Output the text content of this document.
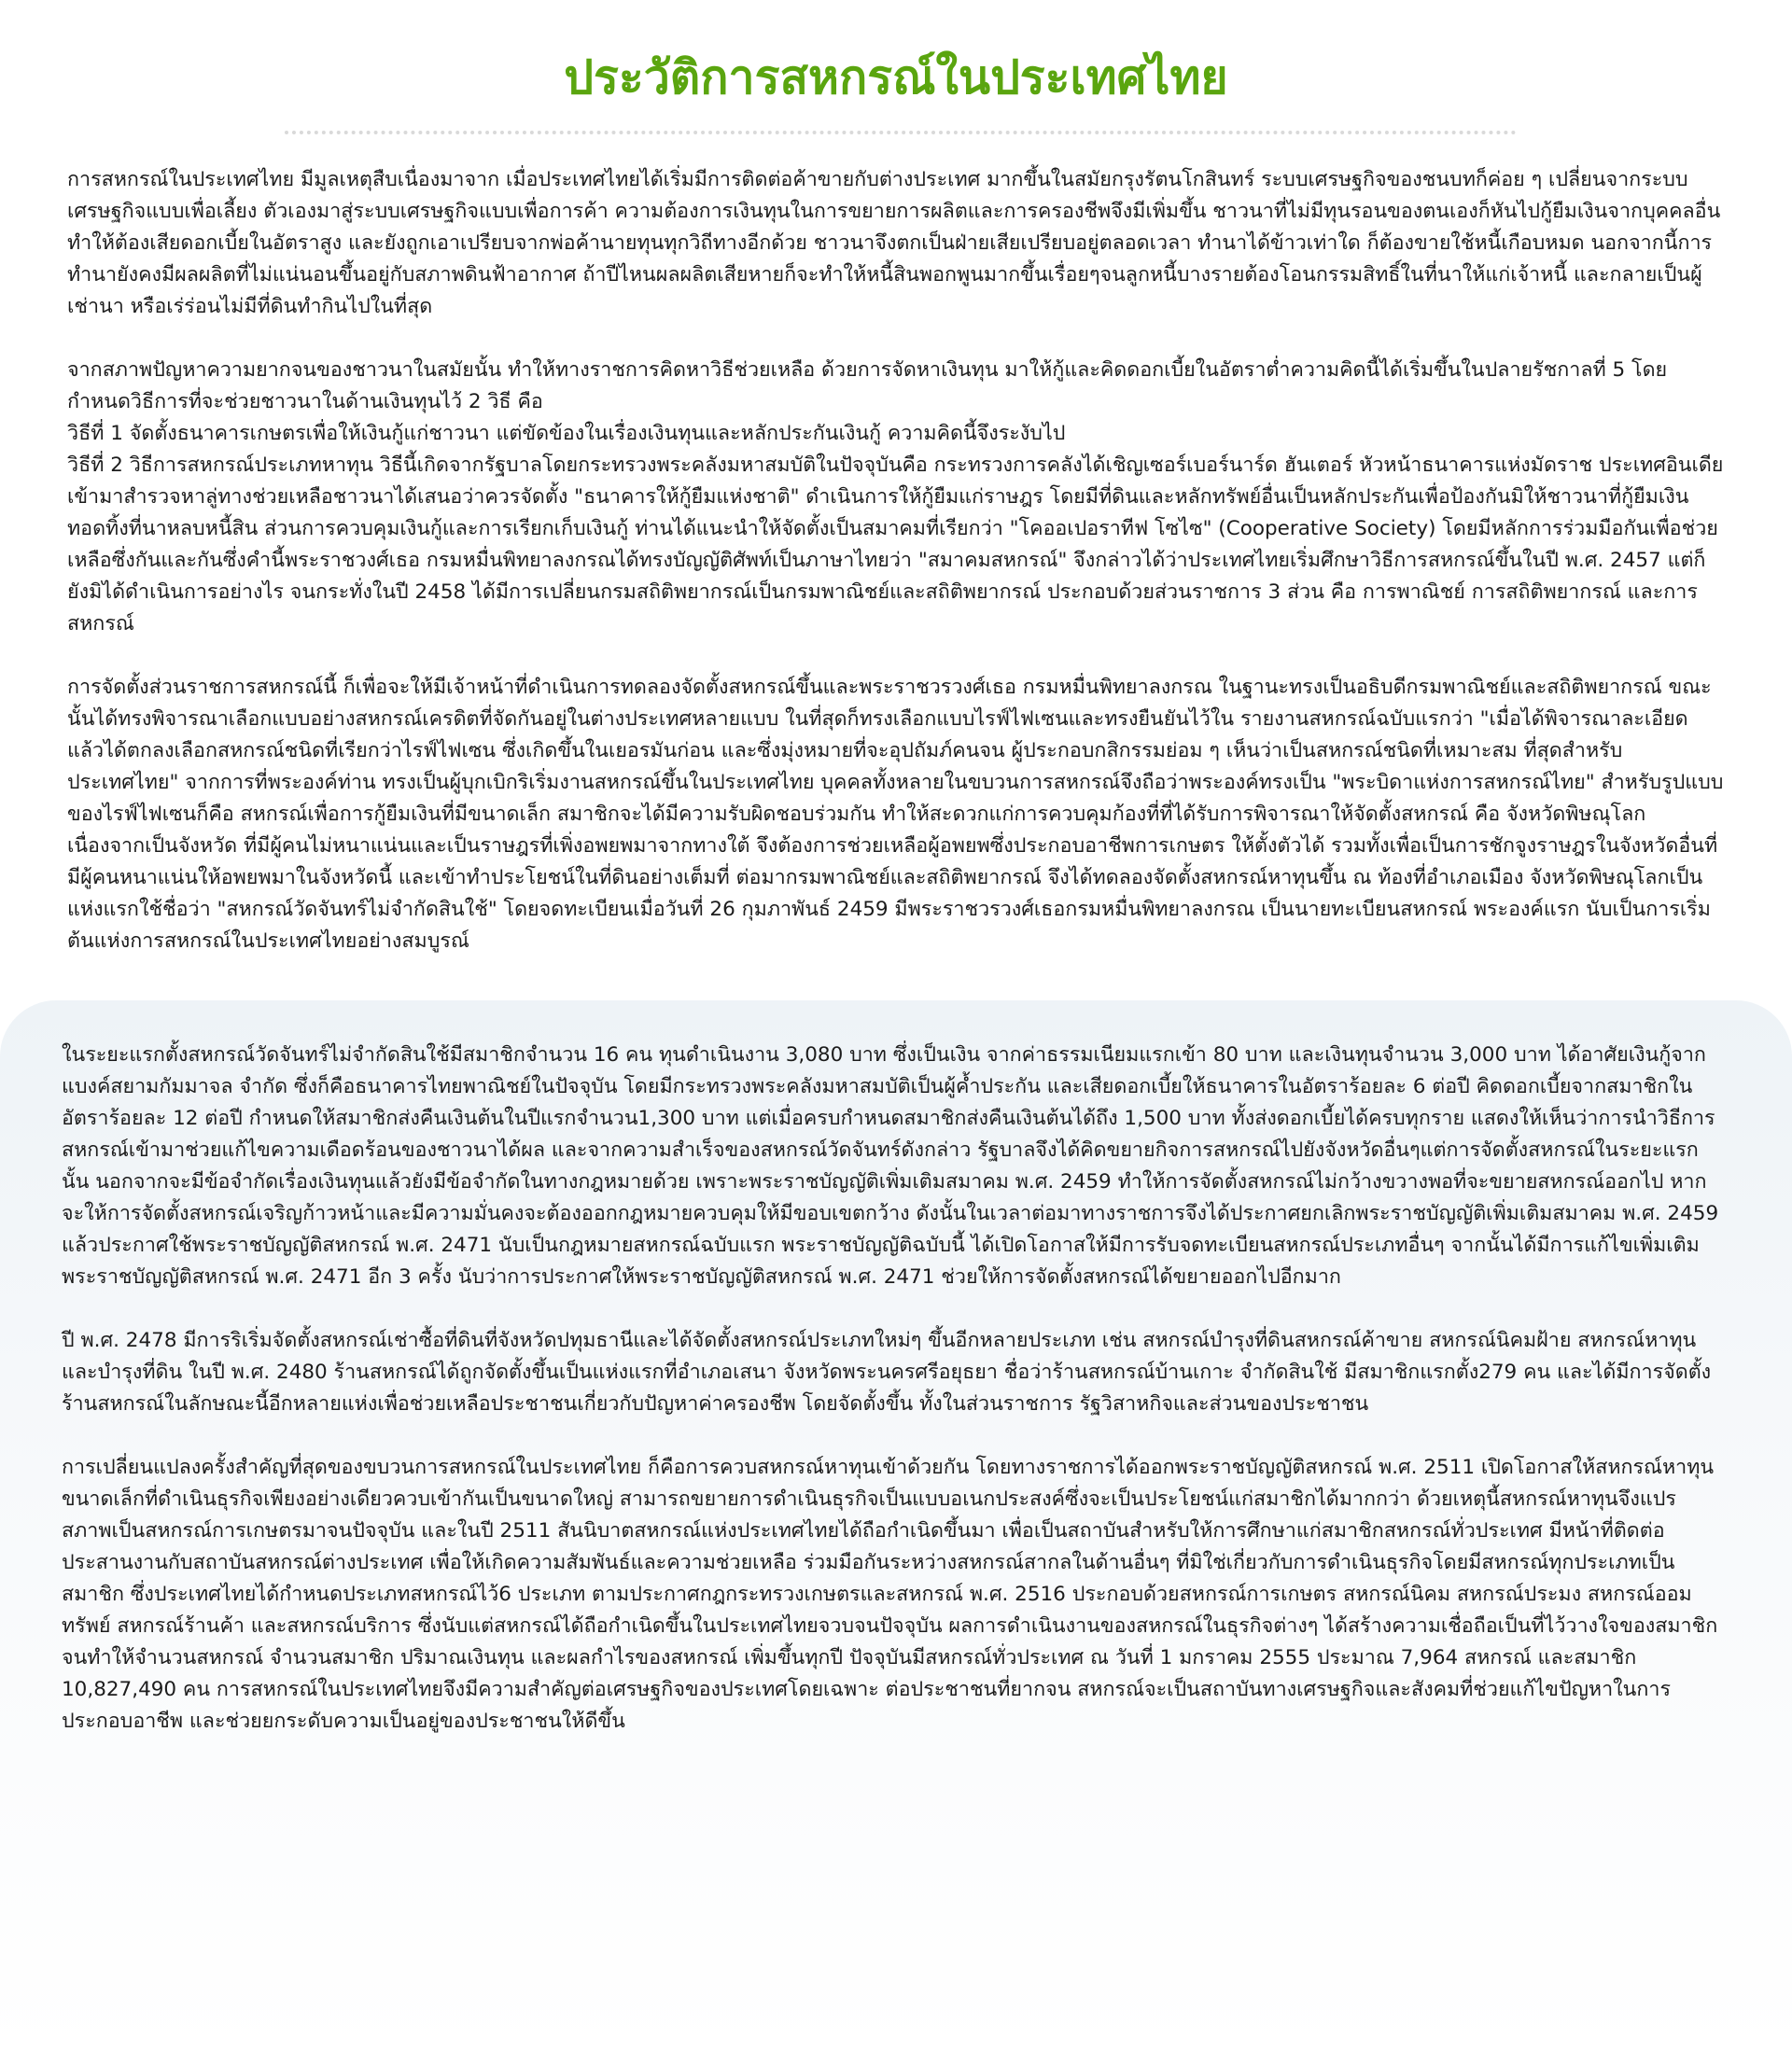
ประวัติการสหกรณ์ในประเทศไทย

การสหกรณ์ในประเทศไทย มีมูลเหตุสืบเนื่องมาจาก เมื่อประเทศไทยได้เริ่มมีการติดต่อค้าขายกับต่างประเทศ มากขึ้นในสมัยกรุงรัตนโกสินทร์ ระบบเศรษฐกิจของชนบทก็ค่อย ๆ เปลี่ยนจากระบบเศรษฐกิจแบบเพื่อเลี้ยง ตัวเองมาสู่ระบบเศรษฐกิจแบบเพื่อการค้า ความต้องการเงินทุนในการขยายการผลิตและการครองชีพจึงมีเพิ่มขึ้น ชาวนาที่ไม่มีทุนรอนของตนเองก็หันไปกู้ยืมเงินจากบุคคลอื่นทำให้ต้องเสียดอกเบี้ยในอัตราสูง และยังถูกเอาเปรียบจากพ่อค้านายทุนทุกวิถีทางอีกด้วย ชาวนาจึงตกเป็นฝ่ายเสียเปรียบอยู่ตลอดเวลา ทำนาได้ข้าวเท่าใด ก็ต้องขายใช้หนี้เกือบหมด นอกจากนี้การทำนายังคงมีผลผลิตที่ไม่แน่นอนขึ้นอยู่กับสภาพดินฟ้าอากาศ ถ้าปีไหนผลผลิตเสียหายก็จะทำให้หนี้สินพอกพูนมากขึ้นเรื่อยๆจนลูกหนี้บางรายต้องโอนกรรมสิทธิ์ในที่นาให้แก่เจ้าหนี้ และกลายเป็นผู้เช่านา หรือเร่ร่อนไม่มีที่ดินทำกินไปในที่สุด

จากสภาพปัญหาความยากจนของชาวนาในสมัยนั้น ทำให้ทางราชการคิดหาวิธีช่วยเหลือ ด้วยการจัดหาเงินทุน มาให้กู้และคิดดอกเบี้ยในอัตราต่ำความคิดนี้ได้เริ่มขึ้นในปลายรัชกาลที่ 5 โดยกำหนดวิธีการที่จะช่วยชาวนาในด้านเงินทุนไว้ 2 วิธี คือ
วิธีที่ 1 จัดตั้งธนาคารเกษตรเพื่อให้เงินกู้แก่ชาวนา แต่ขัดข้องในเรื่องเงินทุนและหลักประกันเงินกู้ ความคิดนี้จึงระงับไป
วิธีที่ 2 วิธีการสหกรณ์ประเภทหาทุน วิธีนี้เกิดจากรัฐบาลโดยกระทรวงพระคลังมหาสมบัติในปัจจุบันคือ กระทรวงการคลังได้เชิญเซอร์เบอร์นาร์ด ฮันเตอร์ หัวหน้าธนาคารแห่งมัดราช ประเทศอินเดียเข้ามาสำรวจหาลู่ทางช่วยเหลือชาวนาได้เสนอว่าควรจัดตั้ง "ธนาคารให้กู้ยืมแห่งชาติ" ดำเนินการให้กู้ยืมแก่ราษฎร โดยมีที่ดินและหลักทรัพย์อื่นเป็นหลักประกันเพื่อป้องกันมิให้ชาวนาที่กู้ยืมเงินทอดทิ้งที่นาหลบหนี้สิน ส่วนการควบคุมเงินกู้และการเรียกเก็บเงินกู้ ท่านได้แนะนำให้จัดตั้งเป็นสมาคมที่เรียกว่า "โคออเปอราทีฟ โซไซ" (Cooperative Society) โดยมีหลักการร่วมมือกันเพื่อช่วยเหลือซึ่งกันและกันซึ่งคำนี้พระราชวงศ์เธอ กรมหมื่นพิทยาลงกรณได้ทรงบัญญัติศัพท์เป็นภาษาไทยว่า "สมาคมสหกรณ์" จึงกล่าวได้ว่าประเทศไทยเริ่มศึกษาวิธีการสหกรณ์ขึ้นในปี พ.ศ. 2457 แต่ก็ยังมิได้ดำเนินการอย่างไร จนกระทั่งในปี 2458 ได้มีการเปลี่ยนกรมสถิติพยากรณ์เป็นกรมพาณิชย์และสถิติพยากรณ์ ประกอบด้วยส่วนราชการ 3 ส่วน คือ การพาณิชย์ การสถิติพยากรณ์ และการสหกรณ์

การจัดตั้งส่วนราชการสหกรณ์นี้ ก็เพื่อจะให้มีเจ้าหน้าที่ดำเนินการทดลองจัดตั้งสหกรณ์ขึ้นและพระราชวรวงศ์เธอ กรมหมื่นพิทยาลงกรณ ในฐานะทรงเป็นอธิบดีกรมพาณิชย์และสถิติพยากรณ์ ขณะนั้นได้ทรงพิจารณาเลือกแบบอย่างสหกรณ์เครดิตที่จัดกันอยู่ในต่างประเทศหลายแบบ ในที่สุดก็ทรงเลือกแบบไรฟ์ไฟเซนและทรงยืนยันไว้ใน รายงานสหกรณ์ฉบับแรกว่า "เมื่อได้พิจารณาละเอียดแล้วได้ตกลงเลือกสหกรณ์ชนิดที่เรียกว่าไรฟ์ไฟเซน ซึ่งเกิดขึ้นในเยอรมันก่อน และซึ่งมุ่งหมายที่จะอุปถัมภ์คนจน ผู้ประกอบกสิกรรมย่อม ๆ เห็นว่าเป็นสหกรณ์ชนิดที่เหมาะสม ที่สุดสำหรับประเทศไทย" จากการที่พระองค์ท่าน ทรงเป็นผู้บุกเบิกริเริ่มงานสหกรณ์ขึ้นในประเทศไทย บุคคลทั้งหลายในขบวนการสหกรณ์จึงถือว่าพระองค์ทรงเป็น "พระบิดาแห่งการสหกรณ์ไทย" สำหรับรูปแบบของไรฟ์ไฟเซนก็คือ สหกรณ์เพื่อการกู้ยืมเงินที่มีขนาดเล็ก สมาชิกจะได้มีความรับผิดชอบร่วมกัน ทำให้สะดวกแก่การควบคุมก้องที่ที่ได้รับการพิจารณาให้จัดตั้งสหกรณ์ คือ จังหวัดพิษณุโลก เนื่องจากเป็นจังหวัด ที่มีผู้คนไม่หนาแน่นและเป็นราษฎรที่เพิ่งอพยพมาจากทางใต้ จึงต้องการช่วยเหลือผู้อพยพซึ่งประกอบอาชีพการเกษตร ให้ตั้งตัวได้ รวมทั้งเพื่อเป็นการชักจูงราษฎรในจังหวัดอื่นที่มีผู้คนหนาแน่นให้อพยพมาในจังหวัดนี้ และเข้าทำประโยชน์ในที่ดินอย่างเต็มที่ ต่อมากรมพาณิชย์และสถิติพยากรณ์ จึงได้ทดลองจัดตั้งสหกรณ์หาทุนขึ้น ณ ท้องที่อำเภอเมือง จังหวัดพิษณุโลกเป็นแห่งแรกใช้ชื่อว่า "สหกรณ์วัดจันทร์ไม่จำกัดสินใช้" โดยจดทะเบียนเมื่อวันที่ 26 กุมภาพันธ์ 2459 มีพระราชวรวงศ์เธอกรมหมื่นพิทยาลงกรณ เป็นนายทะเบียนสหกรณ์ พระองค์แรก นับเป็นการเริ่มต้นแห่งการสหกรณ์ในประเทศไทยอย่างสมบูรณ์

ในระยะแรกตั้งสหกรณ์วัดจันทร์ไม่จำกัดสินใช้มีสมาชิกจำนวน 16 คน ทุนดำเนินงาน 3,080 บาท ซึ่งเป็นเงิน จากค่าธรรมเนียมแรกเข้า 80 บาท และเงินทุนจำนวน 3,000 บาท ได้อาศัยเงินกู้จากแบงค์สยามกัมมาจล จำกัด ซึ่งก็คือธนาคารไทยพาณิชย์ในปัจจุบัน โดยมีกระทรวงพระคลังมหาสมบัติเป็นผู้ค้ำประกัน และเสียดอกเบี้ยให้ธนาคารในอัตราร้อยละ 6 ต่อปี คิดดอกเบี้ยจากสมาชิกในอัตราร้อยละ 12 ต่อปี กำหนดให้สมาชิกส่งคืนเงินต้นในปีแรกจำนวน1,300 บาท แต่เมื่อครบกำหนดสมาชิกส่งคืนเงินต้นได้ถึง 1,500 บาท ทั้งส่งดอกเบี้ยได้ครบทุกราย แสดงให้เห็นว่าการนำวิธีการสหกรณ์เข้ามาช่วยแก้ไขความเดือดร้อนของชาวนาได้ผล และจากความสำเร็จของสหกรณ์วัดจันทร์ดังกล่าว รัฐบาลจึงได้คิดขยายกิจการสหกรณ์ไปยังจังหวัดอื่นๆแต่การจัดตั้งสหกรณ์ในระยะแรกนั้น นอกจากจะมีข้อจำกัดเรื่องเงินทุนแล้วยังมีข้อจำกัดในทางกฎหมายด้วย เพราะพระราชบัญญัติเพิ่มเติมสมาคม พ.ศ. 2459 ทำให้การจัดตั้งสหกรณ์ไม่กว้างขวางพอที่จะขยายสหกรณ์ออกไป หากจะให้การจัดตั้งสหกรณ์เจริญก้าวหน้าและมีความมั่นคงจะต้องออกกฎหมายควบคุมให้มีขอบเขตกว้าง ดังนั้นในเวลาต่อมาทางราชการจึงได้ประกาศยกเลิกพระราชบัญญัติเพิ่มเติมสมาคม พ.ศ. 2459 แล้วประกาศใช้พระราชบัญญัติสหกรณ์ พ.ศ. 2471 นับเป็นกฎหมายสหกรณ์ฉบับแรก พระราชบัญญัติฉบับนี้ ได้เปิดโอกาสให้มีการรับจดทะเบียนสหกรณ์ประเภทอื่นๆ จากนั้นได้มีการแก้ไขเพิ่มเติมพระราชบัญญัติสหกรณ์ พ.ศ. 2471 อีก 3 ครั้ง นับว่าการประกาศให้พระราชบัญญัติสหกรณ์ พ.ศ. 2471 ช่วยให้การจัดตั้งสหกรณ์ได้ขยายออกไปอีกมาก

ปี พ.ศ. 2478 มีการริเริ่มจัดตั้งสหกรณ์เช่าซื้อที่ดินที่จังหวัดปทุมธานีและได้จัดตั้งสหกรณ์ประเภทใหม่ๆ ขึ้นอีกหลายประเภท เช่น สหกรณ์บำรุงที่ดินสหกรณ์ค้าขาย สหกรณ์นิคมฝ้าย สหกรณ์หาทุนและบำรุงที่ดิน ในปี พ.ศ. 2480 ร้านสหกรณ์ได้ถูกจัดตั้งขึ้นเป็นแห่งแรกที่อำเภอเสนา จังหวัดพระนครศรีอยุธยา ชื่อว่าร้านสหกรณ์บ้านเกาะ จำกัดสินใช้ มีสมาชิกแรกตั้ง279 คน และได้มีการจัดตั้งร้านสหกรณ์ในลักษณะนี้อีกหลายแห่งเพื่อช่วยเหลือประชาชนเกี่ยวกับปัญหาค่าครองชีพ โดยจัดตั้งขึ้น ทั้งในส่วนราชการ รัฐวิสาหกิจและส่วนของประชาชน

การเปลี่ยนแปลงครั้งสำคัญที่สุดของขบวนการสหกรณ์ในประเทศไทย ก็คือการควบสหกรณ์หาทุนเข้าด้วยกัน โดยทางราชการได้ออกพระราชบัญญัติสหกรณ์ พ.ศ. 2511 เปิดโอกาสให้สหกรณ์หาทุนขนาดเล็กที่ดำเนินธุรกิจเพียงอย่างเดียวควบเข้ากันเป็นขนาดใหญ่ สามารถขยายการดำเนินธุรกิจเป็นแบบอเนกประสงค์ซึ่งจะเป็นประโยชน์แก่สมาชิกได้มากกว่า ด้วยเหตุนี้สหกรณ์หาทุนจึงแปรสภาพเป็นสหกรณ์การเกษตรมาจนปัจจุบัน และในปี 2511 สันนิบาตสหกรณ์แห่งประเทศไทยได้ถือกำเนิดขึ้นมา เพื่อเป็นสถาบันสำหรับให้การศึกษาแก่สมาชิกสหกรณ์ทั่วประเทศ มีหน้าที่ติดต่อประสานงานกับสถาบันสหกรณ์ต่างประเทศ เพื่อให้เกิดความสัมพันธ์และความช่วยเหลือ ร่วมมือกันระหว่างสหกรณ์สากลในด้านอื่นๆ ที่มิใช่เกี่ยวกับการดำเนินธุรกิจโดยมีสหกรณ์ทุกประเภทเป็นสมาชิก ซึ่งประเทศไทยได้กำหนดประเภทสหกรณ์ไว้6 ประเภท ตามประกาศกฎกระทรวงเกษตรและสหกรณ์ พ.ศ. 2516 ประกอบด้วยสหกรณ์การเกษตร สหกรณ์นิคม สหกรณ์ประมง สหกรณ์ออมทรัพย์ สหกรณ์ร้านค้า และสหกรณ์บริการ ซึ่งนับแต่สหกรณ์ได้ถือกำเนิดขึ้นในประเทศไทยจวบจนปัจจุบัน ผลการดำเนินงานของสหกรณ์ในธุรกิจต่างๆ ได้สร้างความเชื่อถือเป็นที่ไว้วางใจของสมาชิกจนทำให้จำนวนสหกรณ์ จำนวนสมาชิก ปริมาณเงินทุน และผลกำไรของสหกรณ์ เพิ่มขึ้นทุกปี ปัจจุบันมีสหกรณ์ทั่วประเทศ ณ วันที่ 1 มกราคม 2555 ประมาณ 7,964 สหกรณ์ และสมาชิก 10,827,490 คน การสหกรณ์ในประเทศไทยจึงมีความสำคัญต่อเศรษฐกิจของประเทศโดยเฉพาะ ต่อประชาชนที่ยากจน สหกรณ์จะเป็นสถาบันทางเศรษฐกิจและสังคมที่ช่วยแก้ไขปัญหาในการประกอบอาชีพ และช่วยยกระดับความเป็นอยู่ของประชาชนให้ดีขึ้น
